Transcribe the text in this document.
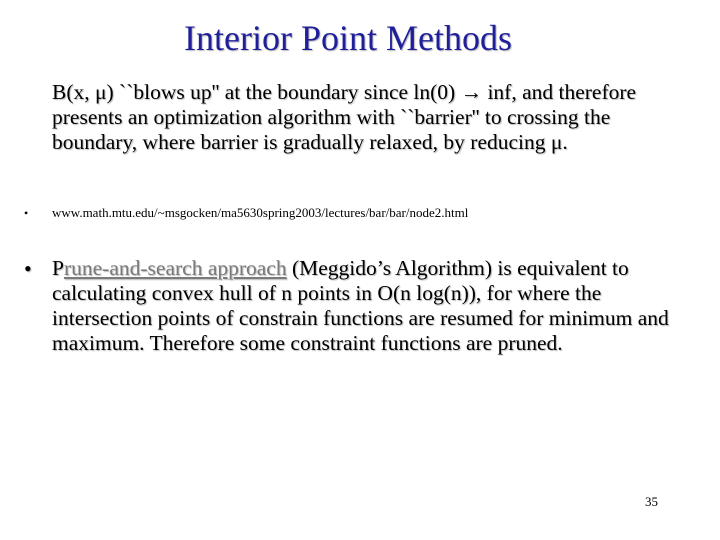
Interior Point Methods
B(x, μ) ``blows up'' at the boundary since ln(0) → inf, and therefore presents an optimization algorithm with ``barrier'' to crossing the boundary, where barrier is gradually relaxed, by reducing μ.
• www.math.mtu.edu/~msgocken/ma5630spring2003/lectures/bar/bar/node2.html
• Prune-and-search approach (Meggido’s Algorithm) is equivalent to calculating convex hull of n points in O(n log(n)), for where the intersection points of constrain functions are resumed for minimum and maximum. Therefore some constraint functions are pruned.
35
